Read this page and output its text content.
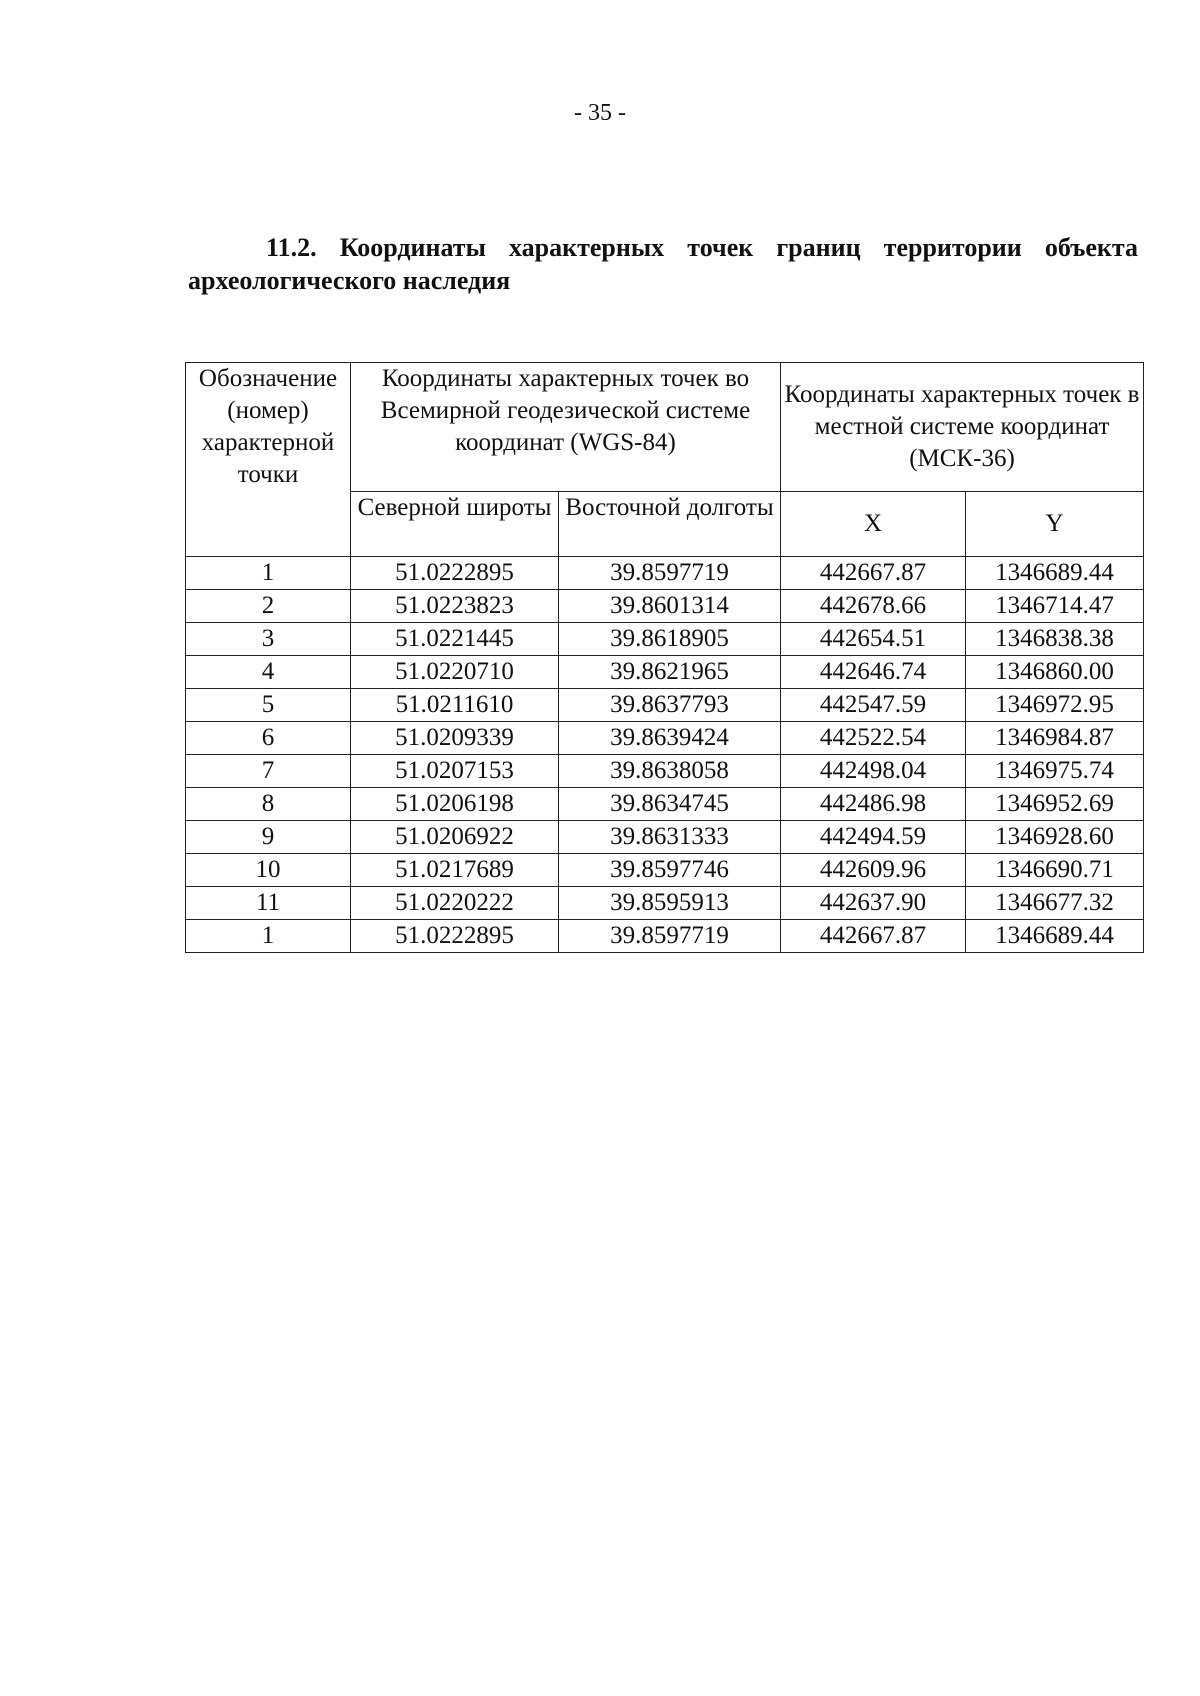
- 35 -
11.2. Координаты характерных точек границ территории объекта археологического наследия
Обозначение (номер) характерной точки	Координаты характерных точек во Всемирной геодезической системе координат (WGS-84)		Координаты характерных точек в местной системе координат (МСК-36)	
	Северной широты	Восточной долготы	X	Y
1	51.0222895	39.8597719	442667.87	1346689.44
2	51.0223823	39.8601314	442678.66	1346714.47
3	51.0221445	39.8618905	442654.51	1346838.38
4	51.0220710	39.8621965	442646.74	1346860.00
5	51.0211610	39.8637793	442547.59	1346972.95
6	51.0209339	39.8639424	442522.54	1346984.87
7	51.0207153	39.8638058	442498.04	1346975.74
8	51.0206198	39.8634745	442486.98	1346952.69
9	51.0206922	39.8631333	442494.59	1346928.60
10	51.0217689	39.8597746	442609.96	1346690.71
11	51.0220222	39.8595913	442637.90	1346677.32
1	51.0222895	39.8597719	442667.87	1346689.44
